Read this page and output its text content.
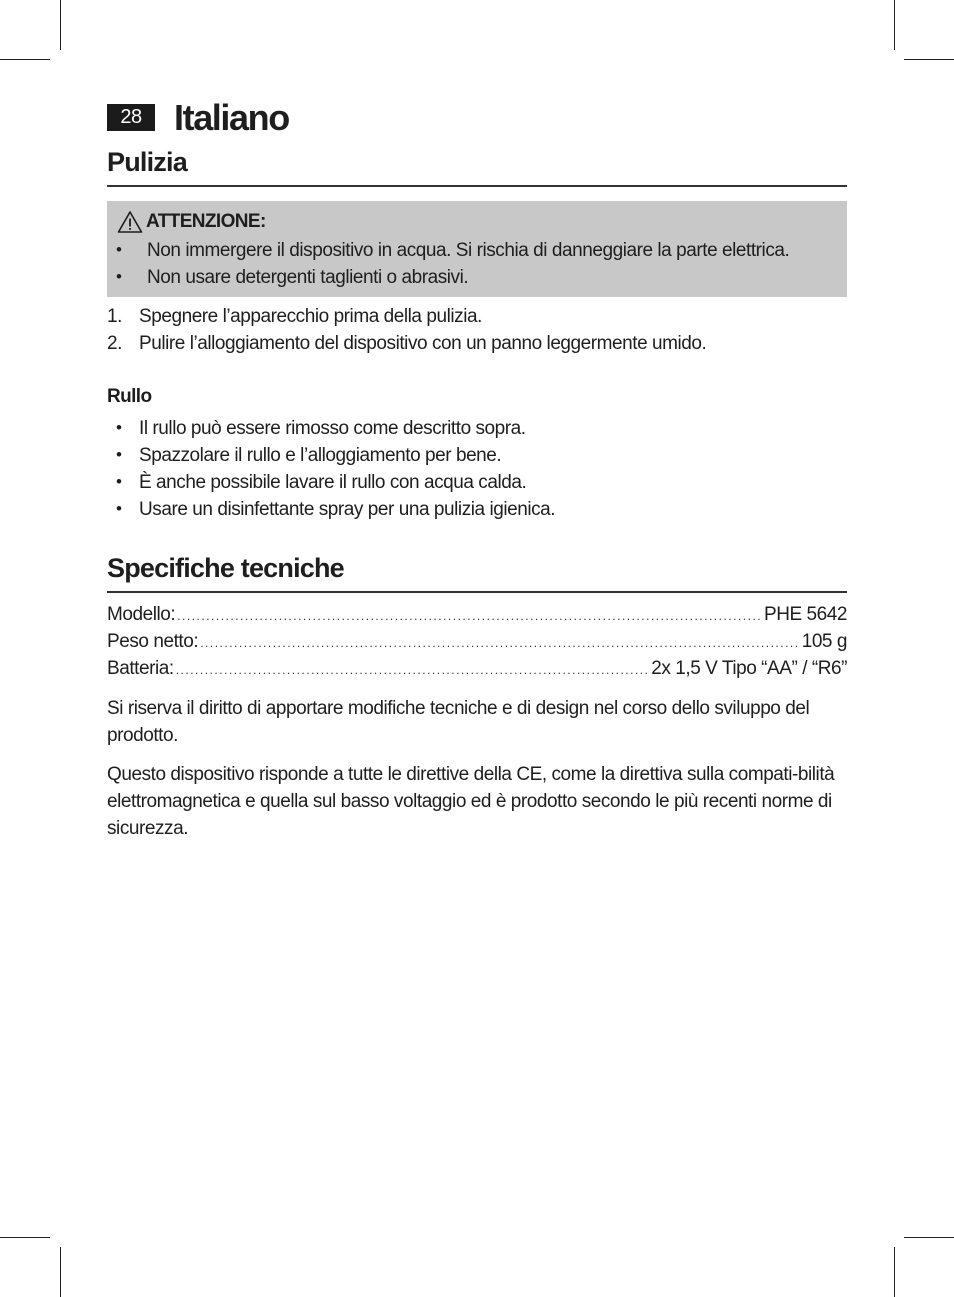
28 Italiano
Pulizia
ATTENZIONE:
• Non immergere il dispositivo in acqua. Si rischia di danneggiare la parte elettrica.
• Non usare detergenti taglienti o abrasivi.
1. Spegnere l’apparecchio prima della pulizia.
2. Pulire l’alloggiamento del dispositivo con un panno leggermente umido.
Rullo
• Il rullo può essere rimosso come descritto sopra.
• Spazzolare il rullo e l’alloggiamento per bene.
• È anche possibile lavare il rullo con acqua calda.
• Usare un disinfettante spray per una pulizia igienica.
Specifiche tecniche
Modello: .....	PHE 5642
Peso netto: .....	105 g
Batteria: .....	2x 1,5 V Tipo “AA” / “R6”
Si riserva il diritto di apportare modifiche tecniche e di design nel corso dello sviluppo del prodotto.
Questo dispositivo risponde a tutte le direttive della CE, come la direttiva sulla compati-bilità elettromagnetica e quella sul basso voltaggio ed è prodotto secondo le più recenti norme di sicurezza.
